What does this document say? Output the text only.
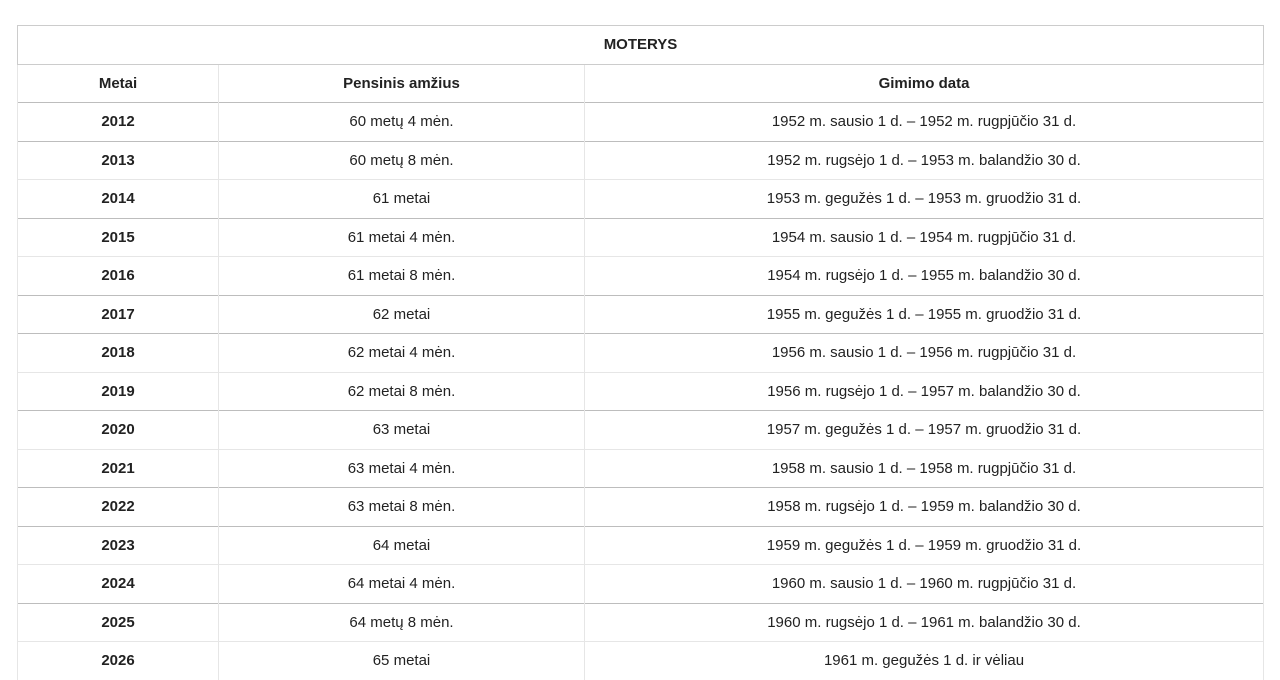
MOTERYS		
Metai	Pensinis amžius	Gimimo data
2012	60 metų 4 mėn.	1952 m. sausio 1 d. – 1952 m. rugpjūčio 31 d.
2013	60 metų 8 mėn.	1952 m. rugsėjo 1 d. – 1953 m. balandžio 30 d.
2014	61 metai	1953 m. gegužės 1 d. – 1953 m. gruodžio 31 d.
2015	61 metai 4 mėn.	1954 m. sausio 1 d. – 1954 m. rugpjūčio 31 d.
2016	61 metai 8 mėn.	1954 m. rugsėjo 1 d. – 1955 m. balandžio 30 d.
2017	62 metai	1955 m. gegužės 1 d. – 1955 m. gruodžio 31 d.
2018	62 metai 4 mėn.	1956 m. sausio 1 d. – 1956 m. rugpjūčio 31 d.
2019	62 metai 8 mėn.	1956 m. rugsėjo 1 d. – 1957 m. balandžio 30 d.
2020	63 metai	1957 m. gegužės 1 d. – 1957 m. gruodžio 31 d.
2021	63 metai 4 mėn.	1958 m. sausio 1 d. – 1958 m. rugpjūčio 31 d.
2022	63 metai 8 mėn.	1958 m. rugsėjo 1 d. – 1959 m. balandžio 30 d.
2023	64 metai	1959 m. gegužės 1 d. – 1959 m. gruodžio 31 d.
2024	64 metai 4 mėn.	1960 m. sausio 1 d. – 1960 m. rugpjūčio 31 d.
2025	64 metų 8 mėn.	1960 m. rugsėjo 1 d. – 1961 m. balandžio 30 d.
2026	65 metai	1961 m. gegužės 1 d. ir vėliau
